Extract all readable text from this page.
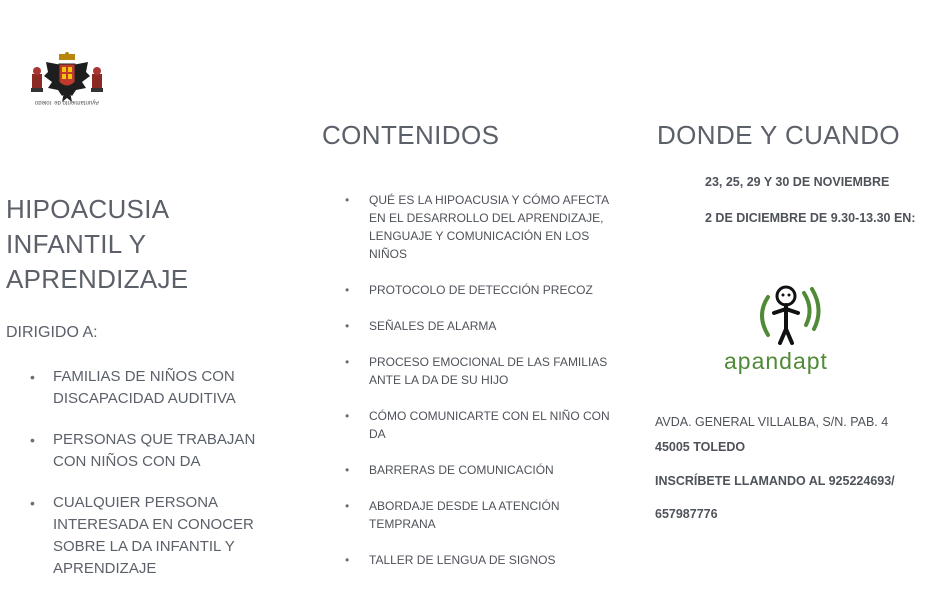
Ayuntamiento de Toledo
HIPOACUSIA
INFANTIL Y
APRENDIZAJE
DIRIGIDO A:
• FAMILIAS DE NIÑOS CON DISCAPACIDAD AUDITIVA
• PERSONAS QUE TRABAJAN CON NIÑOS CON DA
• CUALQUIER PERSONA INTERESADA EN CONOCER SOBRE LA DA INFANTIL Y APRENDIZAJE
CONTENIDOS
• QUÉ ES LA HIPOACUSIA Y CÓMO AFECTA EN EL DESARROLLO DEL APRENDIZAJE, LENGUAJE Y COMUNICACIÓN EN LOS NIÑOS
• PROTOCOLO DE DETECCIÓN PRECOZ
• SEÑALES DE ALARMA
• PROCESO EMOCIONAL DE LAS FAMILIAS ANTE LA DA DE SU HIJO
• CÓMO COMUNICARTE CON EL NIÑO CON DA
• BARRERAS DE COMUNICACIÓN
• ABORDAJE DESDE LA ATENCIÓN TEMPRANA
• TALLER DE LENGUA DE SIGNOS
DONDE Y CUANDO
23, 25, 29 Y 30 DE NOVIEMBRE
2 DE DICIEMBRE DE 9.30-13.30 EN:
apandapt
AVDA. GENERAL VILLALBA, S/N. PAB. 4
45005 TOLEDO
INSCRÍBETE LLAMANDO AL 925224693/
657987776
